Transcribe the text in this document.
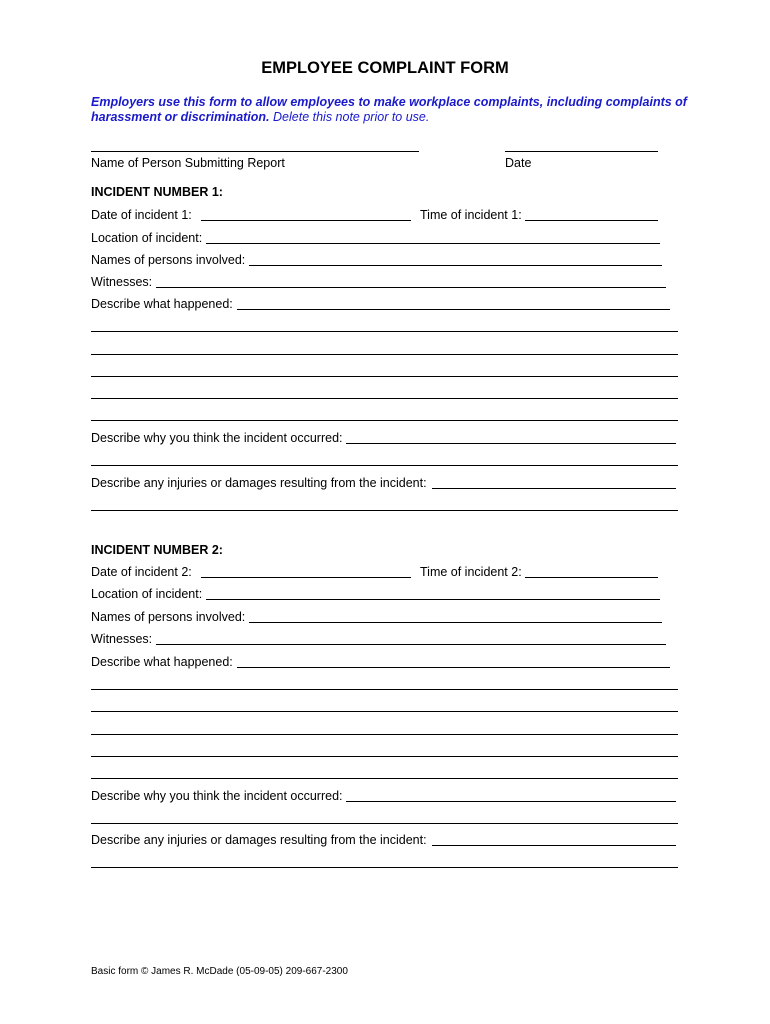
EMPLOYEE COMPLAINT FORM
Employers use this form to allow employees to make workplace complaints, including complaints of harassment or discrimination. Delete this note prior to use.
Name of Person Submitting Report	Date
INCIDENT NUMBER 1:
Date of incident 1:	Time of incident 1:
Location of incident:
Names of persons involved:
Witnesses:
Describe what happened:
Describe why you think the incident occurred:
Describe any injuries or damages resulting from the incident:
INCIDENT NUMBER 2:
Date of incident 2:	Time of incident 2:
Location of incident:
Names of persons involved:
Witnesses:
Describe what happened:
Describe why you think the incident occurred:
Describe any injuries or damages resulting from the incident:
Basic form © James R. McDade (05-09-05) 209-667-2300
